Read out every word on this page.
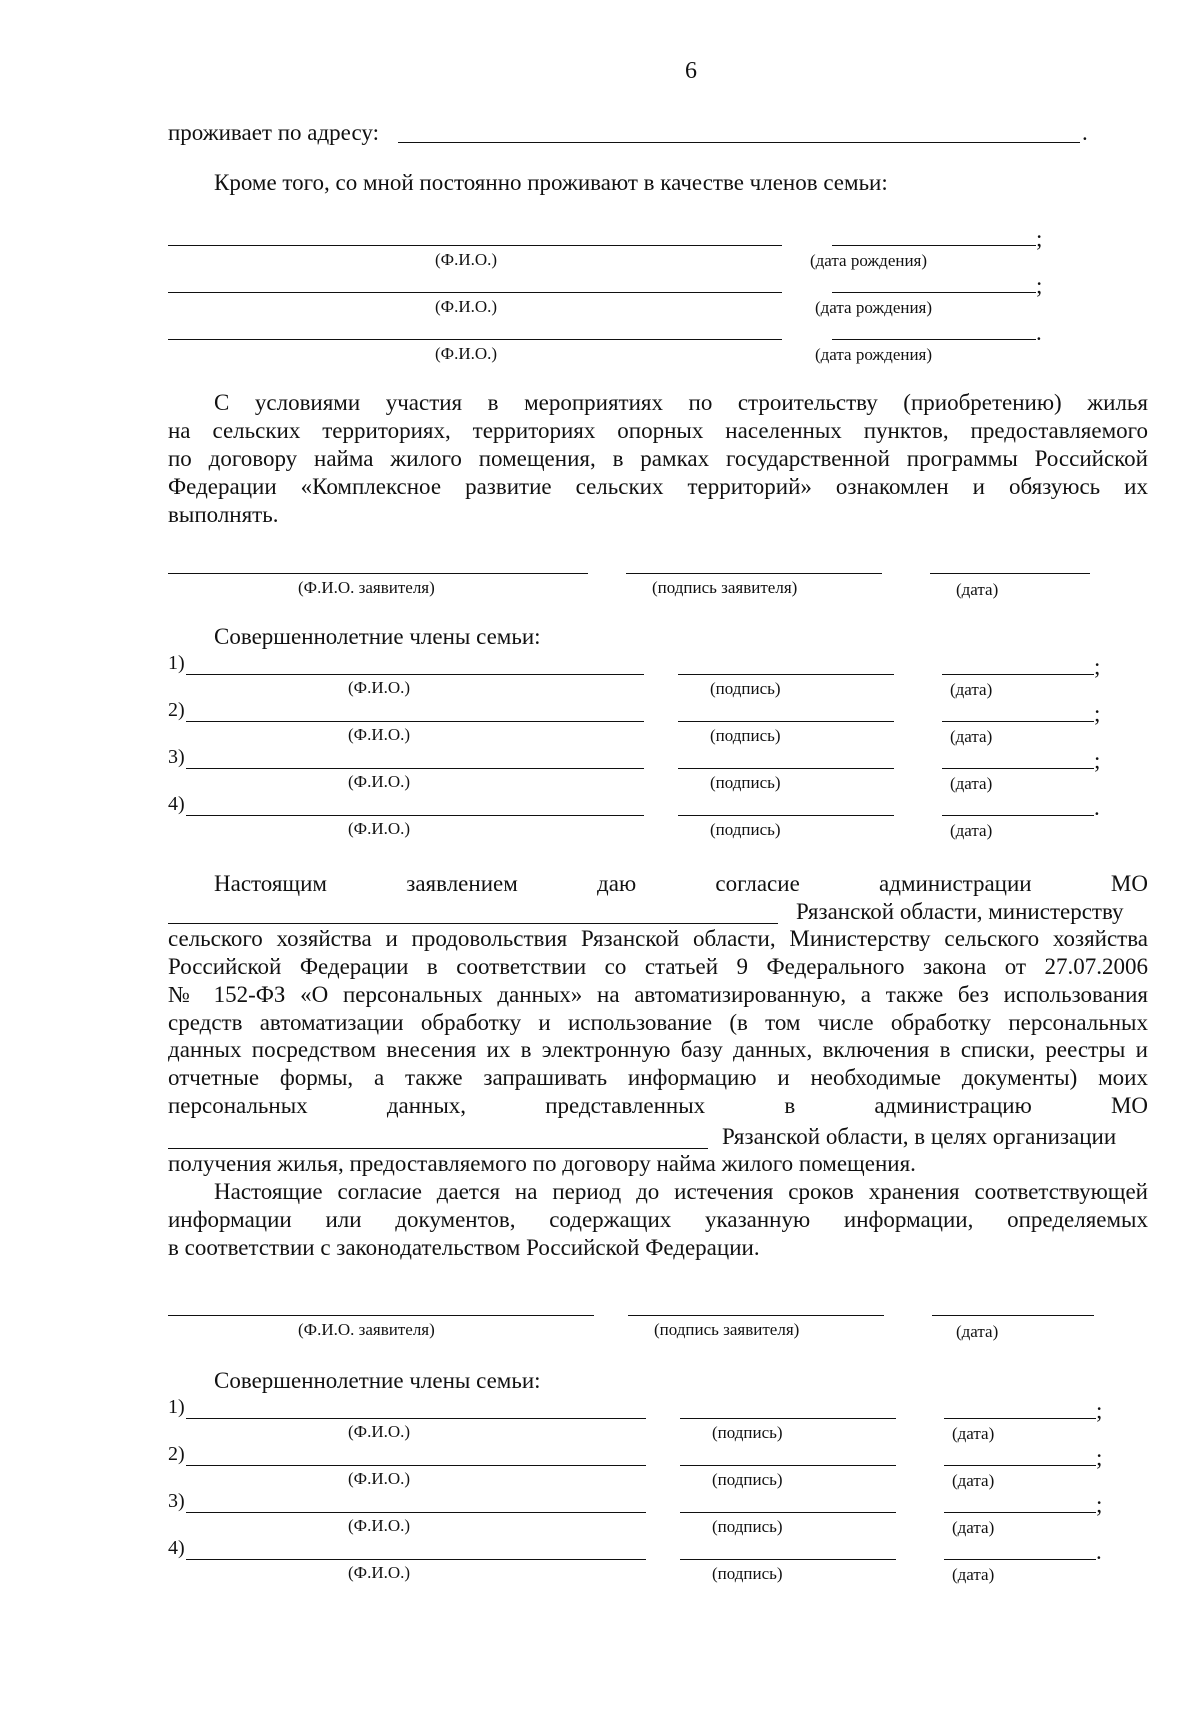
6
проживает по адресу:	.
Кроме того, со мной постоянно проживают в качестве членов семьи:
;
(Ф.И.О.)	(дата рождения)
;
(Ф.И.О.)	(дата рождения)
.
(Ф.И.О.)	(дата рождения)
С условиями участия в мероприятиях по строительству (приобретению) жилья
на сельских территориях, территориях опорных населенных пунктов, предоставляемого
по договору найма жилого помещения, в рамках государственной программы Российской
Федерации «Комплексное развитие сельских территорий» ознакомлен и обязуюсь их
выполнять.
(Ф.И.О. заявителя)	(подпись заявителя)	(дата)
Совершеннолетние члены семьи:
1)	;
(Ф.И.О.)	(подпись)	(дата)
2)	;
(Ф.И.О.)	(подпись)	(дата)
3)	;
(Ф.И.О.)	(подпись)	(дата)
4)	.
(Ф.И.О.)	(подпись)	(дата)
Настоящим	заявлением	даю	согласие	администрации	МО
Рязанской области, министерству
сельского хозяйства и продовольствия Рязанской области, Министерству сельского хозяйства
Российской Федерации в соответствии со статьей 9 Федерального закона от 27.07.2006
№ 152-ФЗ «О персональных данных» на автоматизированную, а также без использования
средств автоматизации обработку и использование (в том числе обработку персональных
данных посредством внесения их в электронную базу данных, включения в списки, реестры и
отчетные формы, а также запрашивать информацию и необходимые документы) моих
персональных	данных,	представленных	в	администрацию	МО
Рязанской области, в целях организации
получения жилья, предоставляемого по договору найма жилого помещения.
Настоящие согласие дается на период до истечения сроков хранения соответствующей
информации или документов, содержащих указанную информации, определяемых
в соответствии с законодательством Российской Федерации.
(Ф.И.О. заявителя)	(подпись заявителя)	(дата)
Совершеннолетние члены семьи:
1)	;
(Ф.И.О.)	(подпись)	(дата)
2)	;
(Ф.И.О.)	(подпись)	(дата)
3)	;
(Ф.И.О.)	(подпись)	(дата)
4)	.
(Ф.И.О.)	(подпись)	(дата)
